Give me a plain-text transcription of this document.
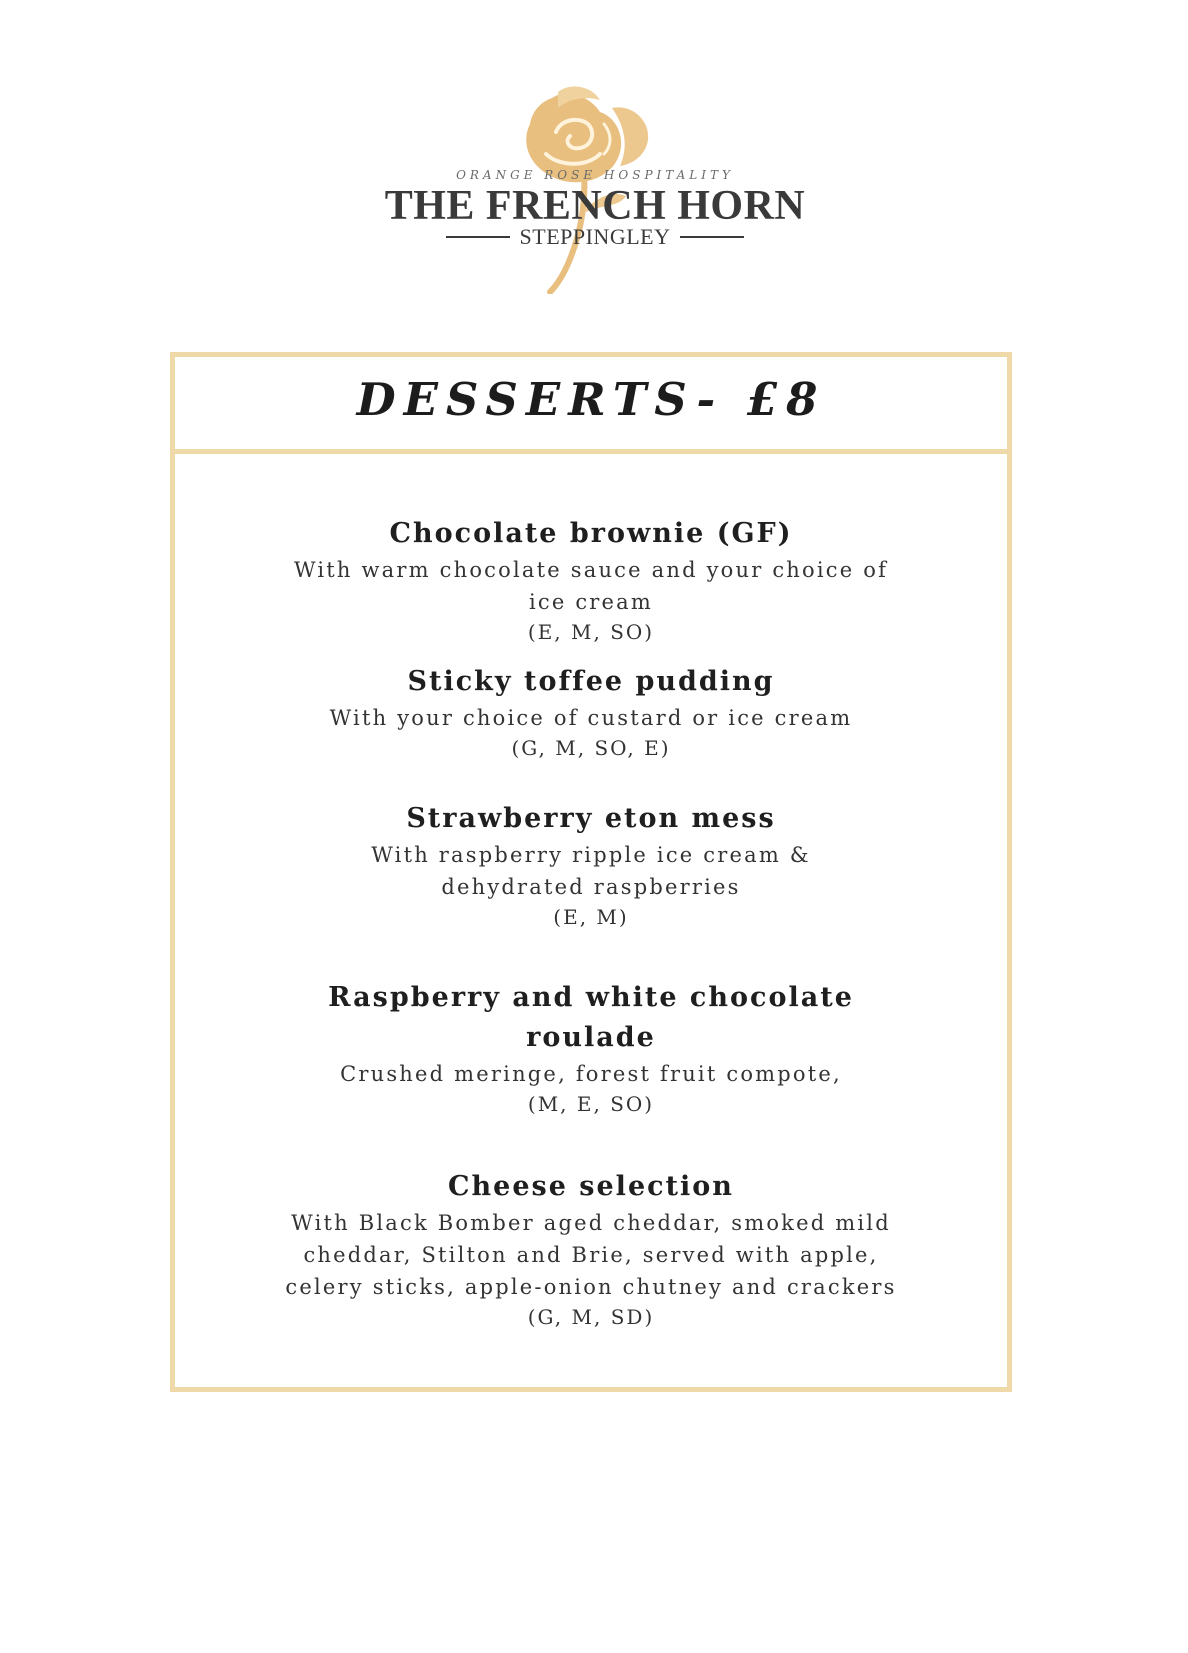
ORANGE ROSE HOSPITALITY
THE FRENCH HORN
STEPPINGLEY
DESSERTS- £8
Chocolate brownie (GF)
With warm chocolate sauce and your choice of
ice cream
(E, M, SO)
Sticky toffee pudding
With your choice of custard or ice cream
(G, M, SO, E)
Strawberry eton mess
With raspberry ripple ice cream &
dehydrated raspberries
(E, M)
Raspberry and white chocolate
roulade
Crushed meringe, forest fruit compote,
(M, E, SO)
Cheese selection
With Black Bomber aged cheddar, smoked mild
cheddar, Stilton and Brie, served with apple,
celery sticks, apple-onion chutney and crackers
(G, M, SD)
